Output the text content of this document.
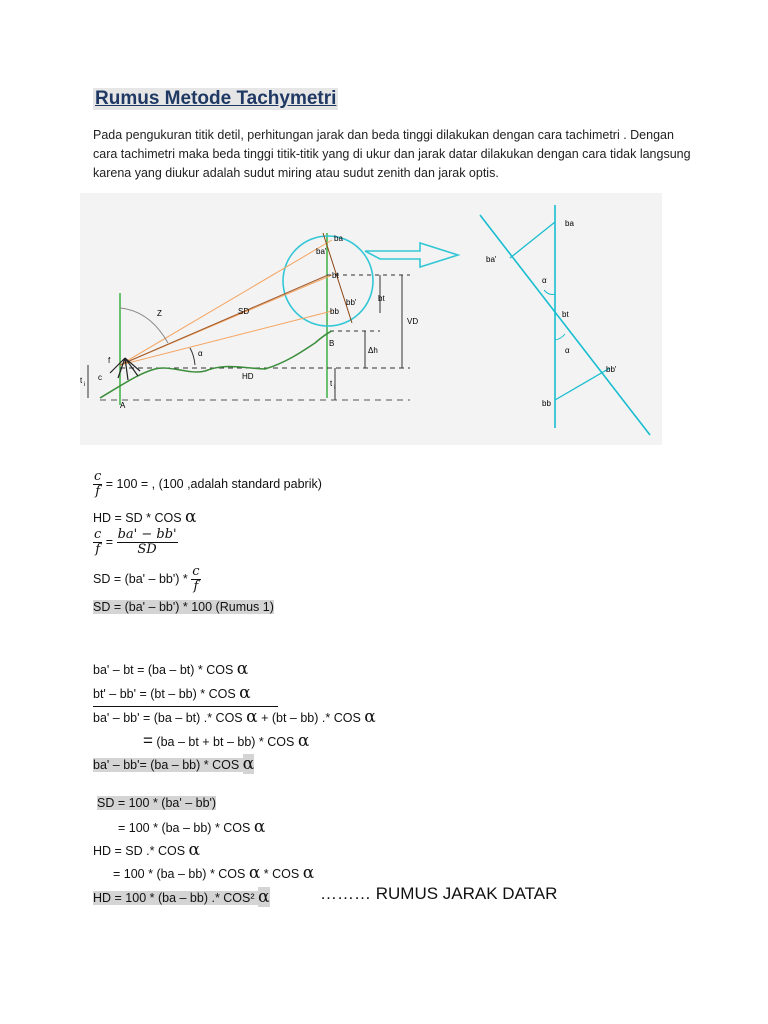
Rumus Metode Tachymetri
Pada pengukuran titik detil, perhitungan jarak dan beda tinggi dilakukan dengan cara tachimetri . Dengan cara tachimetri maka beda tinggi titik-titik yang di ukur dan jarak datar dilakukan dengan cara tidak langsung karena yang diukur adalah sudut miring atau sudut zenith dan jarak optis.
ba
ba'
bt
bb'
bb
bt
VD
Δh
SD
Z
α
HD
f
c
t i
A
B
t i
ba
ba'
α
bt
α
bb'
bb
$\frac{c}{f} = 100$ = , (100 ,adalah standard pabrik)
HD = SD * COS α
$\frac{c}{f} = \frac{ba' - bb'}{SD}$
SD = $(ba' - bb') * \frac{c}{f}$
SD = (ba' – bb') * 100 (Rumus 1)
ba' – bt = (ba – bt) * COS α
bt' – bb' = (bt – bb) * COS α
ba' – bb' = (ba – bt) .* COS α + (bt – bb) .* COS α
= (ba – bt + bt – bb) * COS α
ba' – bb'= (ba – bb) * COS α
SD = 100 * (ba' – bb')
= 100 * (ba – bb) * COS α
HD = SD .* COS α
= 100 * (ba – bb) * COS α * COS α
HD = 100 * (ba – bb) .* COS² α	……… RUMUS JARAK DATAR
